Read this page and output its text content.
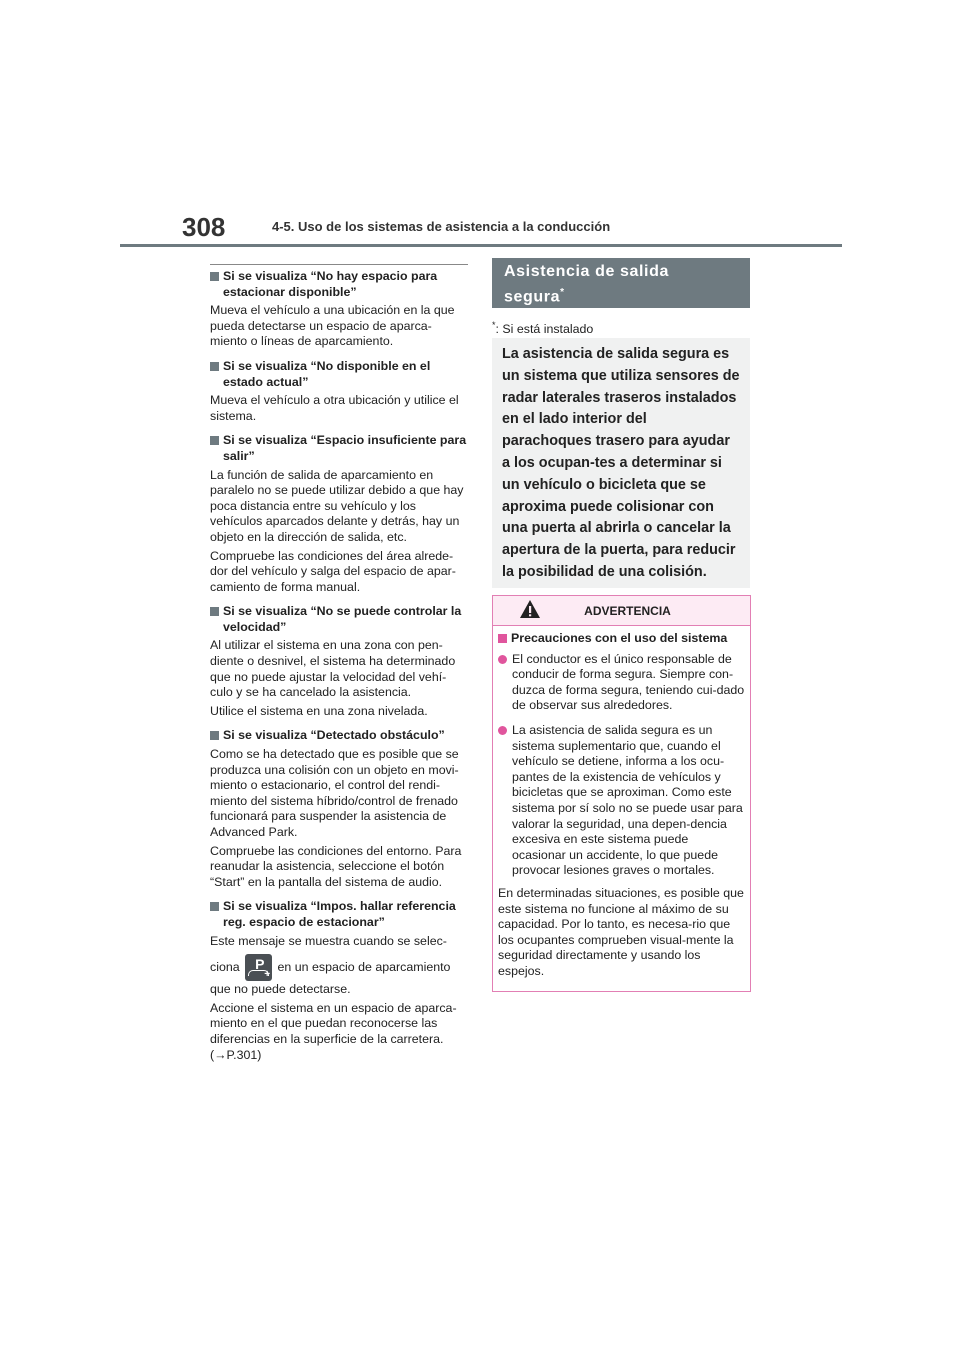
308	4-5. Uso de los sistemas de asistencia a la conducción
Si se visualiza “No hay espacio para estacionar disponible”
Mueva el vehículo a una ubicación en la que pueda detectarse un espacio de aparca-miento o líneas de aparcamiento.
Si se visualiza “No disponible en el estado actual”
Mueva el vehículo a otra ubicación y utilice el sistema.
Si se visualiza “Espacio insuficiente para salir”
La función de salida de aparcamiento en paralelo no se puede utilizar debido a que hay poca distancia entre su vehículo y los vehículos aparcados delante y detrás, hay un objeto en la dirección de salida, etc.
Compruebe las condiciones del área alrede-dor del vehículo y salga del espacio de apar-camiento de forma manual.
Si se visualiza “No se puede controlar la velocidad”
Al utilizar el sistema en una zona con pen-diente o desnivel, el sistema ha determinado que no puede ajustar la velocidad del vehí-culo y se ha cancelado la asistencia.
Utilice el sistema en una zona nivelada.
Si se visualiza “Detectado obstáculo”
Como se ha detectado que es posible que se produzca una colisión con un objeto en movi-miento o estacionario, el control del rendi-miento del sistema híbrido/control de frenado funcionará para suspender la asistencia de Advanced Park.
Compruebe las condiciones del entorno. Para reanudar la asistencia, seleccione el botón “Start” en la pantalla del sistema de audio.
Si se visualiza “Impos. hallar referencia reg. espacio de estacionar”
Este mensaje se muestra cuando se selec-
ciona P
+
en un espacio de aparcamiento
que no puede detectarse.
Accione el sistema en un espacio de aparca-miento en el que puedan reconocerse las diferencias en la superficie de la carretera. (→P.301)
Asistencia de salida segura*
*: Si está instalado
La asistencia de salida segura es un sistema que utiliza sensores de radar laterales traseros instalados en el lado interior del parachoques trasero para ayudar a los ocupan-tes a determinar si un vehículo o bicicleta que se aproxima puede colisionar con una puerta al abrirla o cancelar la apertura de la puerta, para reducir la posibilidad de una colisión.
ADVERTENCIA
Precauciones con el uso del sistema
El conductor es el único responsable de conducir de forma segura. Siempre con-duzca de forma segura, teniendo cui-dado de observar sus alrededores.
La asistencia de salida segura es un sistema suplementario que, cuando el vehículo se detiene, informa a los ocu-pantes de la existencia de vehículos y bicicletas que se aproximan. Como este sistema por sí solo no se puede usar para valorar la seguridad, una depen-dencia excesiva en este sistema puede ocasionar un accidente, lo que puede provocar lesiones graves o mortales.
En determinadas situaciones, es posible que este sistema no funcione al máximo de su capacidad. Por lo tanto, es necesa-rio que los ocupantes comprueben visual-mente la seguridad directamente y usando los espejos.
